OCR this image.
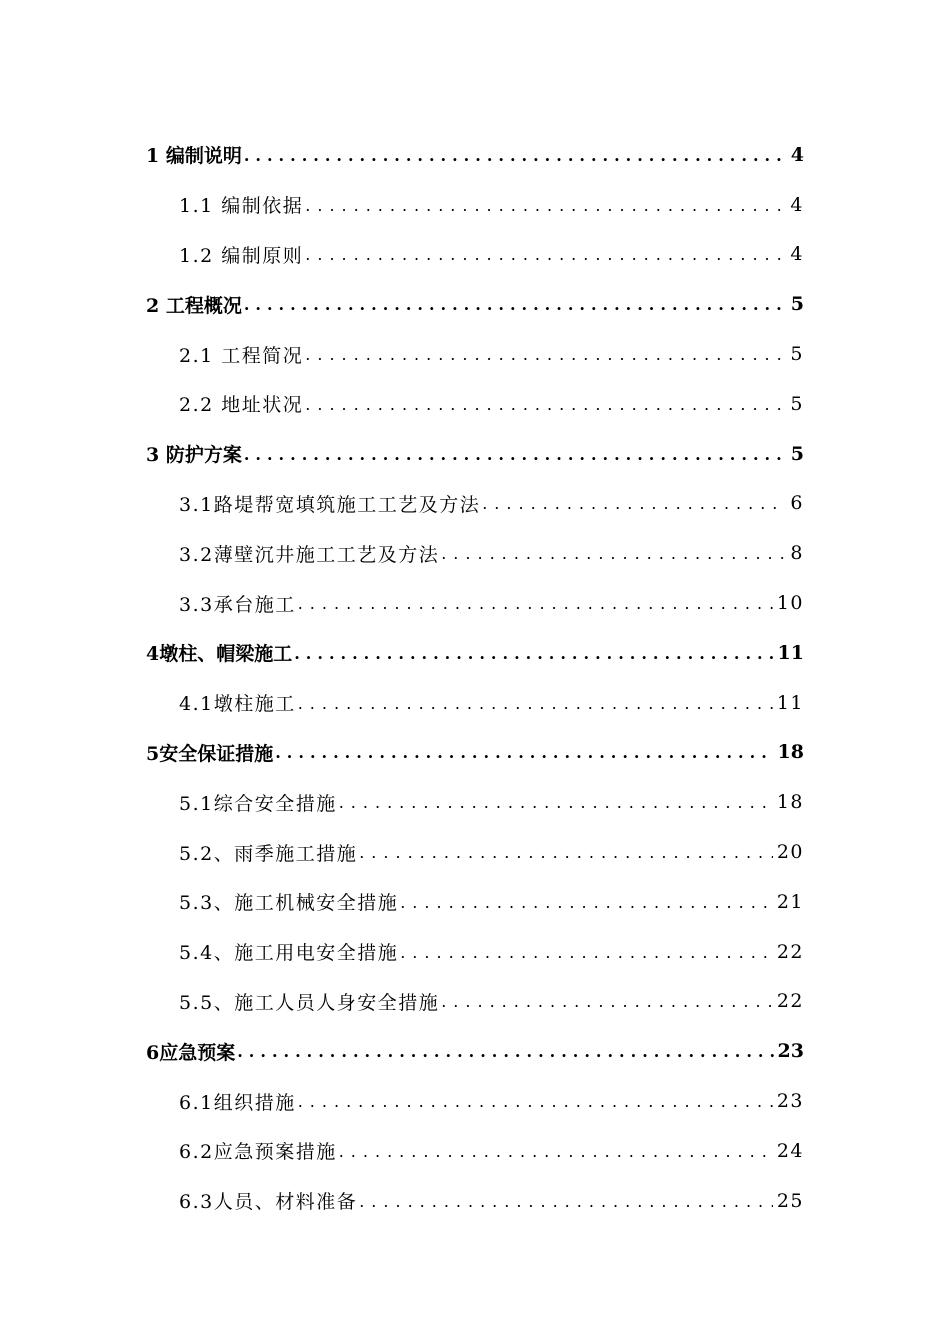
1 编制说明 .....	4
1.1 编制依据 .....	4
1.2 编制原则 .....	4
2 工程概况 .....	5
2.1 工程简况 .....	5
2.2 地址状况 .....	5
3 防护方案 .....	5
3.1路堤帮宽填筑施工工艺及方法 .....	6
3.2薄壁沉井施工工艺及方法 .....	8
3.3承台施工 .....	10
4墩柱、帽梁施工 .....	11
4.1墩柱施工 .....	11
5安全保证措施 .....	18
5.1综合安全措施 .....	18
5.2、雨季施工措施 .....	20
5.3、施工机械安全措施 .....	21
5.4、施工用电安全措施 .....	22
5.5、施工人员人身安全措施 .....	22
6应急预案 .....	23
6.1组织措施 .....	23
6.2应急预案措施 .....	24
6.3人员、材料准备 .....	25
